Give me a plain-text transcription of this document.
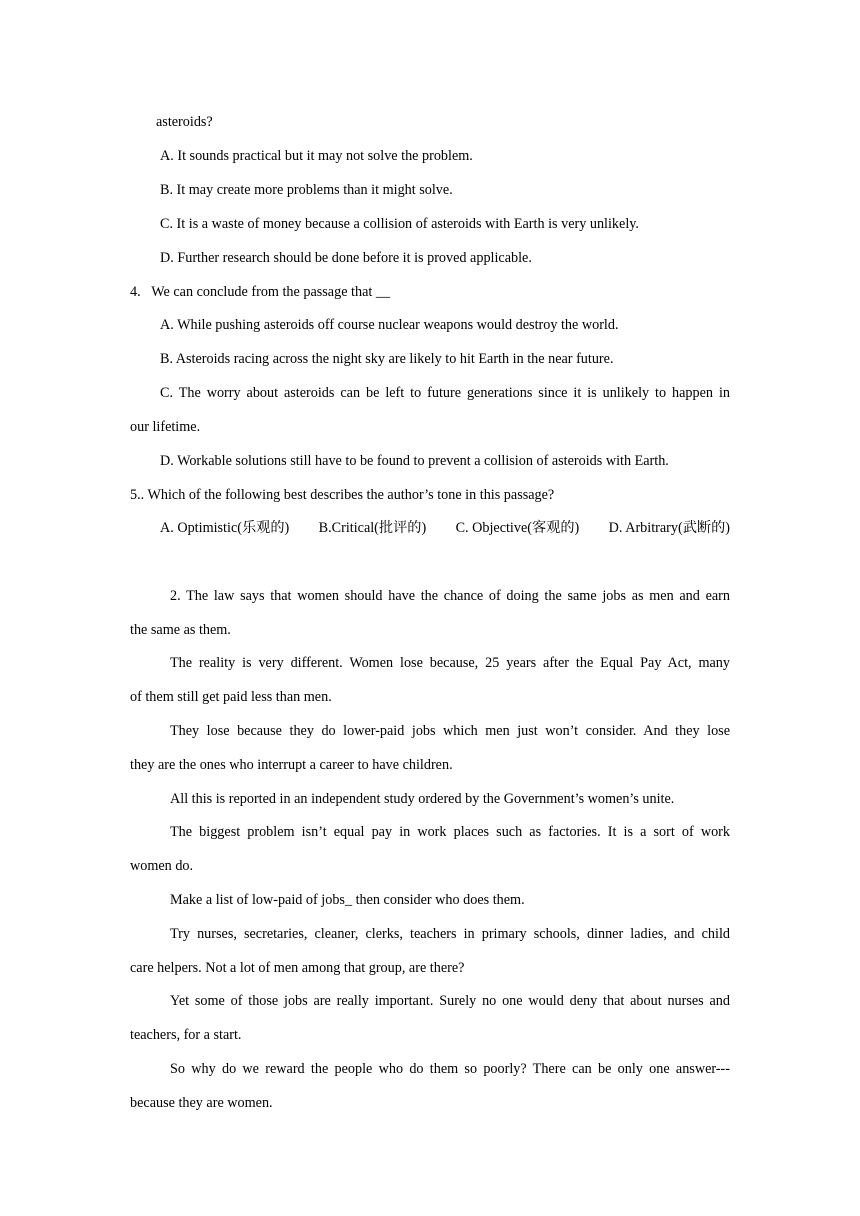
asteroids?
A. It sounds practical but it may not solve the problem.
B. It may create more problems than it might solve.
C. It is a waste of money because a collision of asteroids with Earth is very unlikely.
D. Further research should be done before it is proved applicable.
4.   We can conclude from the passage that __
A. While pushing asteroids off course nuclear weapons would destroy the world.
B. Asteroids racing across the night sky are likely to hit Earth in the near future.
C. The worry about asteroids can be left to future generations since it is unlikely to happen in
our lifetime.
D. Workable solutions still have to be found to prevent a collision of asteroids with Earth.
5.. Which of the following best describes the author’s tone in this passage?
A. Optimistic(乐观的) B.Critical(批评的) C. Objective(客观的) D. Arbitrary(武断的)
2. The law says that women should have the chance of doing the same jobs as men and earn
the same as them.
The reality is very different. Women lose because, 25 years after the Equal Pay Act, many
of them still get paid less than men.
They lose because they do lower-paid jobs which men just won’t consider. And they lose
they are the ones who interrupt a career to have children.
All this is reported in an independent study ordered by the Government’s women’s unite.
The biggest problem isn’t equal pay in work places such as factories. It is a sort of work
women do.
Make a list of low-paid of jobs_ then consider who does them.
Try nurses, secretaries, cleaner, clerks, teachers in primary schools, dinner ladies, and child
care helpers. Not a lot of men among that group, are there?
Yet some of those jobs are really important. Surely no one would deny that about nurses and
teachers, for a start.
So why do we reward the people who do them so poorly? There can be only one answer---
because they are women.
